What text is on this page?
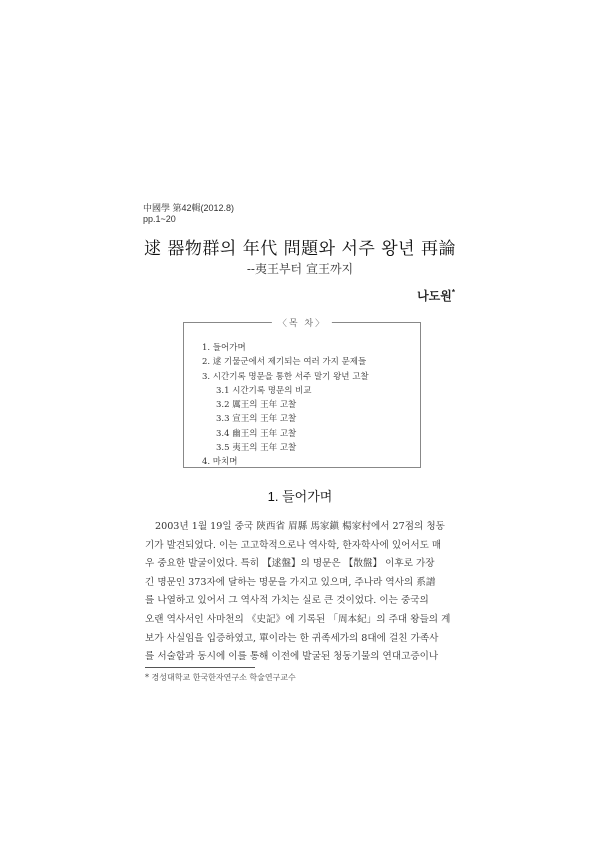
中國學 第42輯(2012.8)
pp.1~20
逑 器物群의 年代 問題와 서주 왕년 再論
--夷王부터 宣王까지
나도원*
〈목 차〉
1. 들어가며
2. 逑 기물군에서 제기되는 여러 가지 문제들
3. 시간기록 명문을 통한 서주 말기 왕년 고찰
3.1 시간기록 명문의 비교
3.2 厲王의 王年 고찰
3.3 宣王의 王年 고찰
3.4 幽王의 王年 고찰
3.5 夷王의 王年 고찰
4. 마치며
1. 들어가며

2003년 1월 19일 중국 陝西省 眉縣 馬家鎭 楊家村에서 27점의 청동
기가 발견되었다. 이는 고고학적으로나 역사학, 한자학사에 있어서도 매
우 중요한 발굴이었다. 특히 【逑盤】의 명문은 【散盤】 이후로 가장
긴 명문인 373자에 달하는 명문을 가지고 있으며, 주나라 역사의 系譜
를 나열하고 있어서 그 역사적 가치는 실로 큰 것이었다. 이는 중국의
오랜 역사서인 사마천의 《史記》에 기록된 「周本紀」의 주대 왕들의 계
보가 사실임을 입증하였고, 單이라는 한 귀족세가의 8대에 걸친 가족사
를 서술함과 동시에 이를 통해 이전에 발굴된 청동기물의 연대고증이나

* 경성대학교 한국한자연구소 학술연구교수
